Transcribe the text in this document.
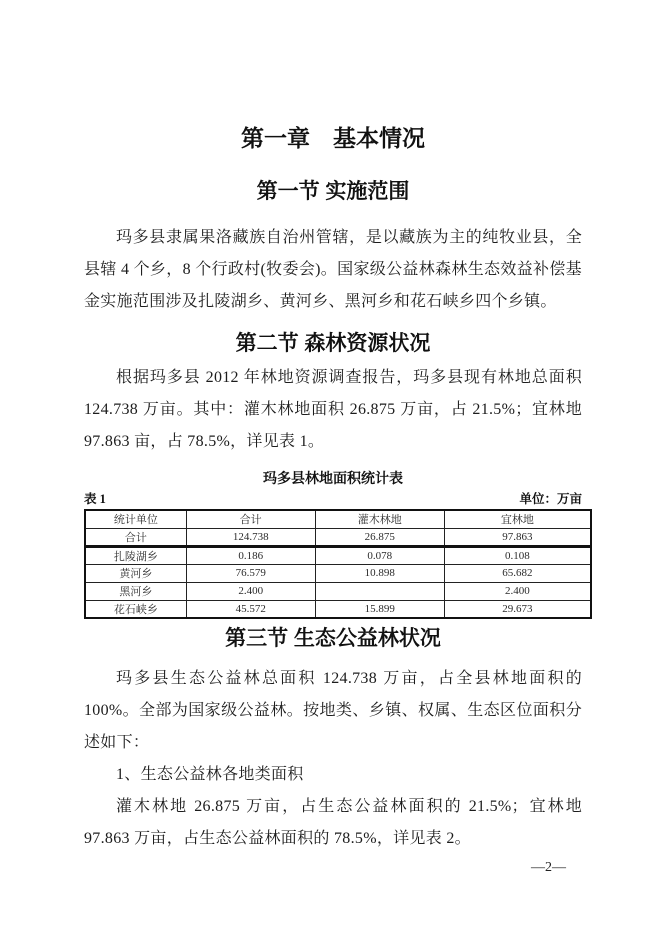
第一章　基本情况
第一节 实施范围

玛多县隶属果洛藏族自治州管辖，是以藏族为主的纯牧业县，全县辖 4 个乡，8 个行政村(牧委会)。国家级公益林森林生态效益补偿基金实施范围涉及扎陵湖乡、黄河乡、黑河乡和花石峡乡四个乡镇。

第二节 森林资源状况

根据玛多县 2012 年林地资源调查报告，玛多县现有林地总面积 124.738 万亩。其中：灌木林地面积 26.875 万亩，占 21.5%；宜林地 97.863 亩，占 78.5%，详见表 1。

玛多县林地面积统计表
表 1	单位：万亩
统计单位	合计	灌木林地	宜林地
合计	124.738	26.875	97.863
扎陵湖乡	0.186	0.078	0.108
黄河乡	76.579	10.898	65.682
黑河乡	2.400		2.400
花石峡乡	45.572	15.899	29.673
第三节 生态公益林状况

玛多县生态公益林总面积 124.738 万亩，占全县林地面积的 100%。全部为国家级公益林。按地类、乡镇、权属、生态区位面积分述如下：

1、生态公益林各地类面积

灌木林地 26.875 万亩，占生态公益林面积的 21.5%；宜林地 97.863 万亩，占生态公益林面积的 78.5%，详见表 2。

—2—
